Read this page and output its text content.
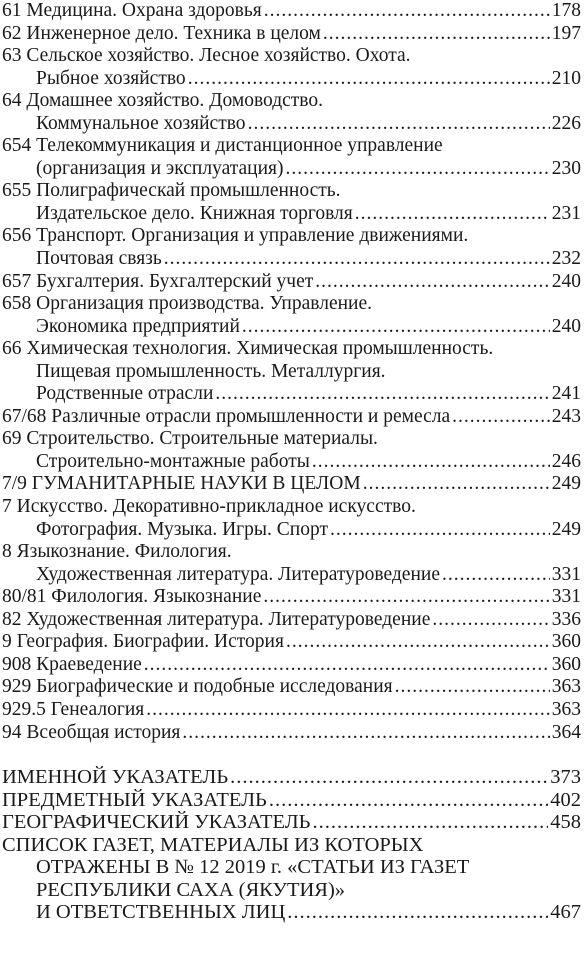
61 Медицина. Охрана здоровья .....	178
62 Инженерное дело. Техника в целом .....	197
63 Сельское хозяйство. Лесное хозяйство. Охота.
Рыбное хозяйство .....	210
64 Домашнее хозяйство. Домоводство.
Коммунальное хозяйство .....	226
654 Телекоммуникация и дистанционное управление
(организация и эксплуатация) .....	230
655 Полиграфическай промышленность.
Издательское дело. Книжная торговля .....	231
656 Транспорт. Организация и управление движениями.
Почтовая связь .....	232
657 Бухгалтерия. Бухгалтерский учет .....	240
658 Организация производства. Управление.
Экономика предприятий .....	240
66 Химическая технология. Химическая промышленность.
Пищевая промышленность. Металлургия.
Родственные отрасли .....	241
67/68 Различные отрасли промышленности и ремесла .....	243
69 Строительство. Строительные материалы.
Строительно-монтажные работы .....	246
7/9 ГУМАНИТАРНЫЕ НАУКИ В ЦЕЛОМ .....	249
7 Искусство. Декоративно-прикладное искусство.
Фотография. Музыка. Игры. Спорт .....	249
8 Языкознание. Филология.
Художественная литература. Литературоведение .....	331
80/81 Филология. Языкознание .....	331
82 Художественная литература. Литературоведение .....	336
9 География. Биографии. История .....	360
908 Краеведение .....	360
929 Биографические и подобные исследования .....	363
929.5 Генеалогия .....	363
94 Всеобщая история .....	364
ИМЕННОЙ УКАЗАТЕЛЬ .....	373
ПРЕДМЕТНЫЙ УКАЗАТЕЛЬ .....	402
ГЕОГРАФИЧЕСКИЙ УКАЗАТЕЛЬ .....	458
СПИСОК ГАЗЕТ, МАТЕРИАЛЫ ИЗ КОТОРЫХ
ОТРАЖЕНЫ В № 12 2019 г. «СТАТЬИ ИЗ ГАЗЕТ
РЕСПУБЛИКИ САХА (ЯКУТИЯ)»
И ОТВЕТСТВЕННЫХ ЛИЦ .....	467
